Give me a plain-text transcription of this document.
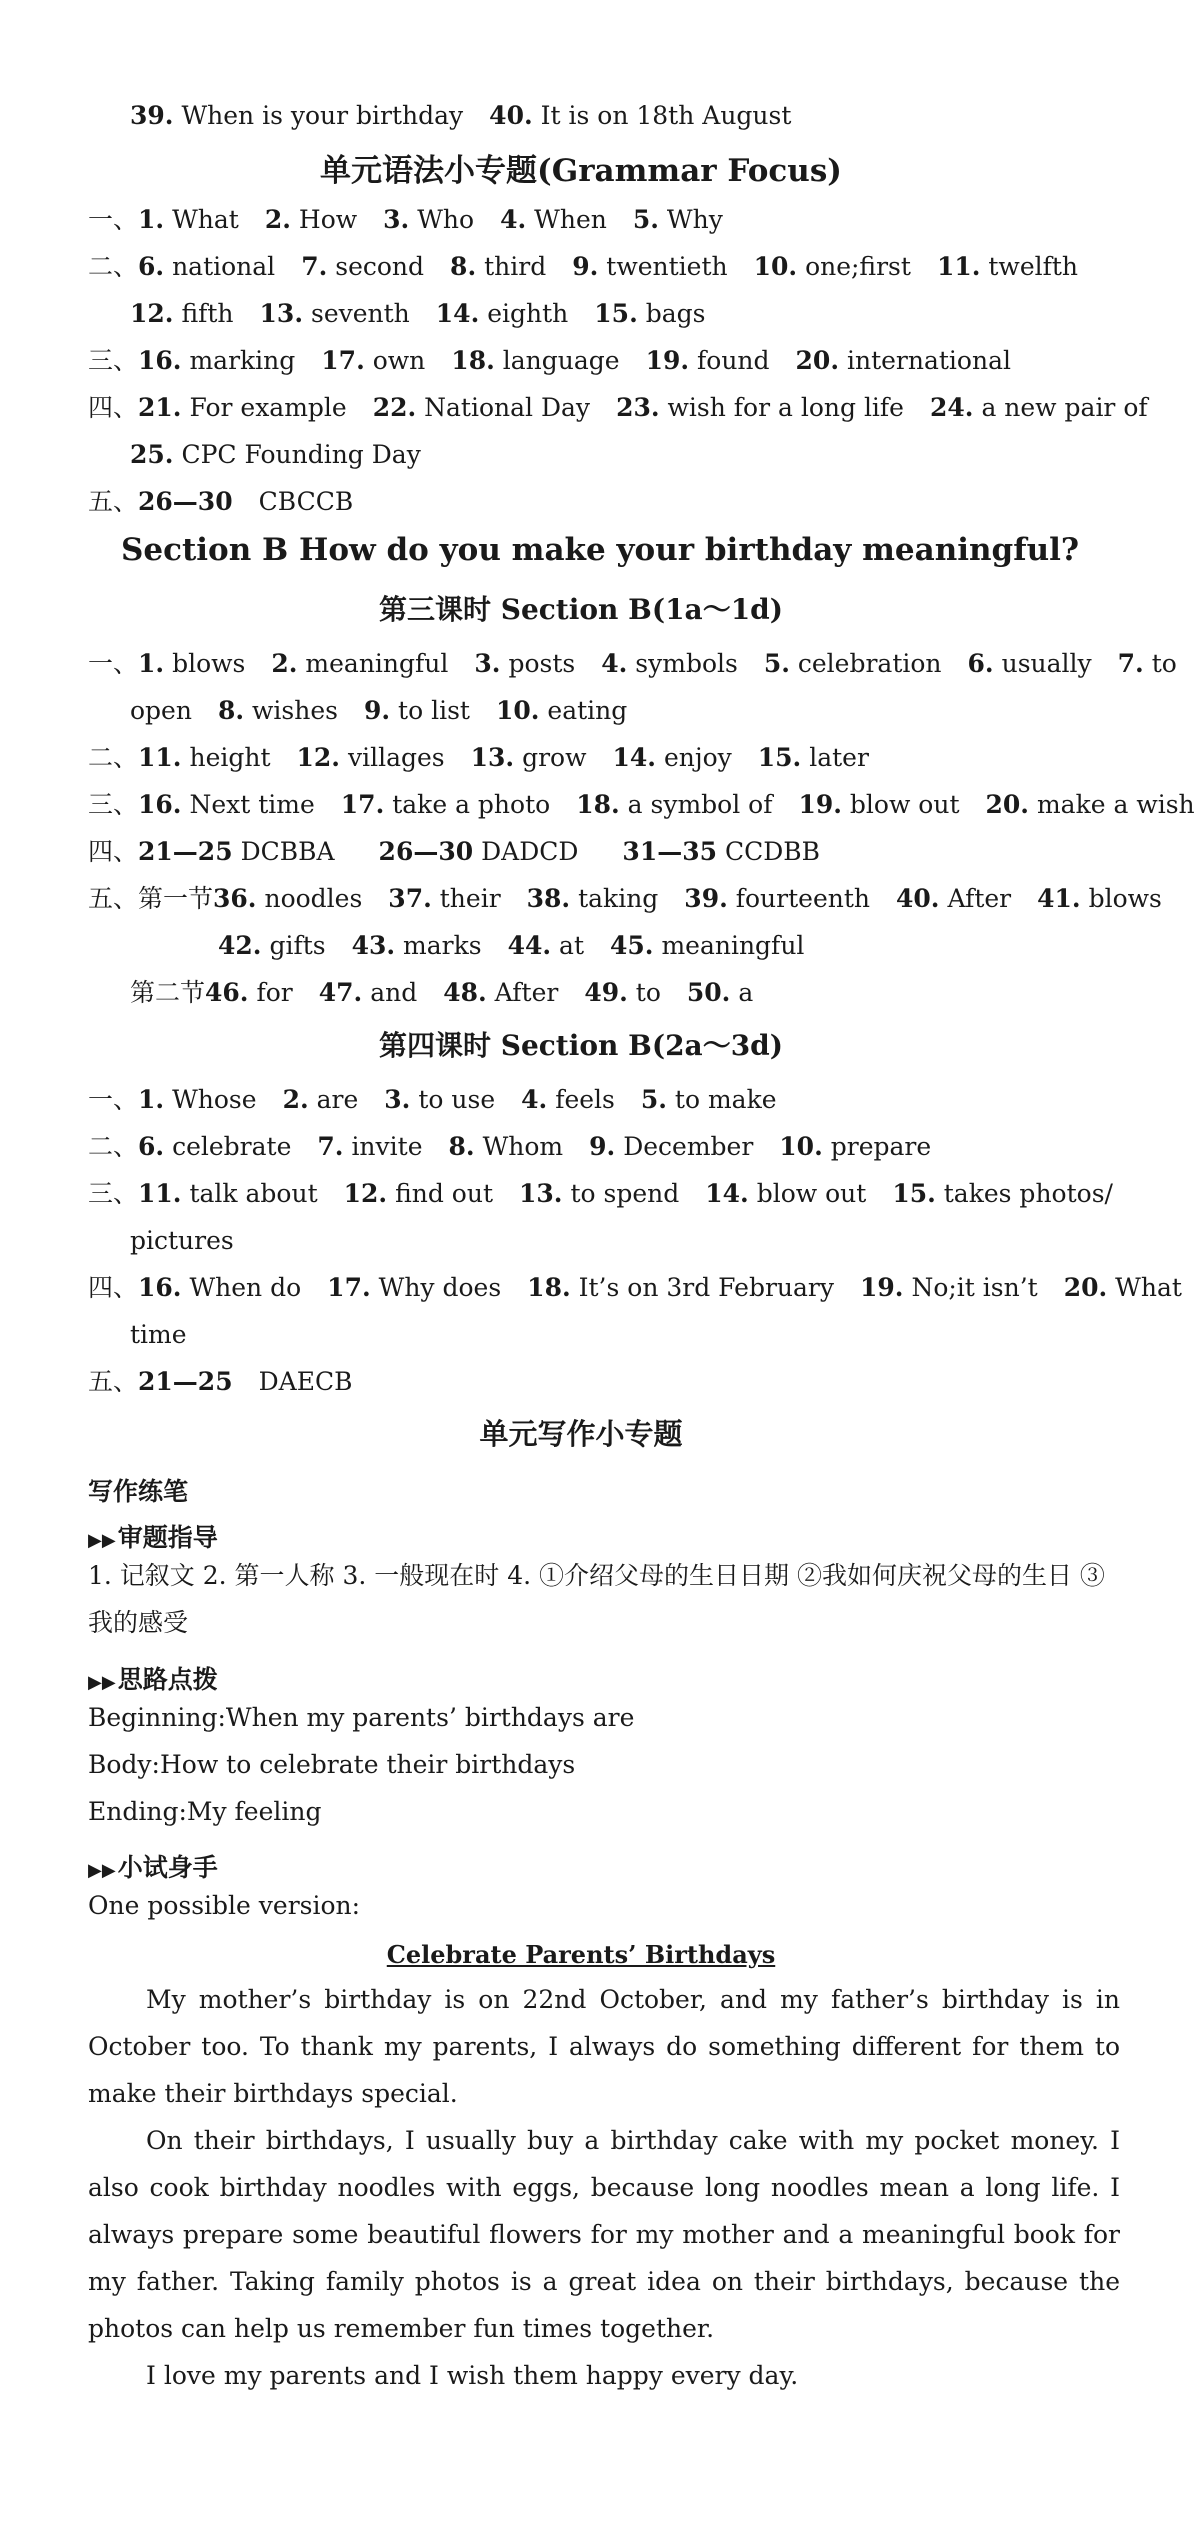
39. When is your birthday 40. It is on 18th August
单元语法小专题(Grammar Focus)
一、1. What 2. How 3. Who 4. When 5. Why
二、6. national 7. second 8. third 9. twentieth 10. one;first 11. twelfth
12. fifth 13. seventh 14. eighth 15. bags
三、16. marking 17. own 18. language 19. found 20. international
四、21. For example 22. National Day 23. wish for a long life 24. a new pair of
25. CPC Founding Day
五、26—30 CBCCB
Section B How do you make your birthday meaningful?
第三课时 Section B(1a～1d)
一、1. blows 2. meaningful 3. posts 4. symbols 5. celebration 6. usually 7. to
open 8. wishes 9. to list 10. eating
二、11. height 12. villages 13. grow 14. enjoy 15. later
三、16. Next time 17. take a photo 18. a symbol of 19. blow out 20. make a wish
四、21—25 DCBBA 26—30 DADCD 31—35 CCDBB
五、第一节36. noodles 37. their 38. taking 39. fourteenth 40. After 41. blows
42. gifts 43. marks 44. at 45. meaningful
第二节46. for 47. and 48. After 49. to 50. a
第四课时 Section B(2a～3d)
一、1. Whose 2. are 3. to use 4. feels 5. to make
二、6. celebrate 7. invite 8. Whom 9. December 10. prepare
三、11. talk about 12. find out 13. to spend 14. blow out 15. takes photos/
pictures
四、16. When do 17. Why does 18. It’s on 3rd February 19. No;it isn’t 20. What
time
五、21—25 DAECB
单元写作小专题
写作练笔
▶▶审题指导
1. 记叙文 2. 第一人称 3. 一般现在时 4. ①介绍父母的生日日期 ②我如何庆祝父母的生日 ③我的感受
▶▶思路点拨
Beginning:When my parents’ birthdays are
Body:How to celebrate their birthdays
Ending:My feeling
▶▶小试身手
One possible version:
Celebrate Parents’ Birthdays
My mother’s birthday is on 22nd October, and my father’s birthday is in October too. To thank my parents, I always do something different for them to make their birthdays special.
On their birthdays, I usually buy a birthday cake with my pocket money. I also cook birthday noodles with eggs, because long noodles mean a long life. I always prepare some beautiful flowers for my mother and a meaningful book for my father. Taking family photos is a great idea on their birthdays, because the photos can help us remember fun times together.
I love my parents and I wish them happy every day.
